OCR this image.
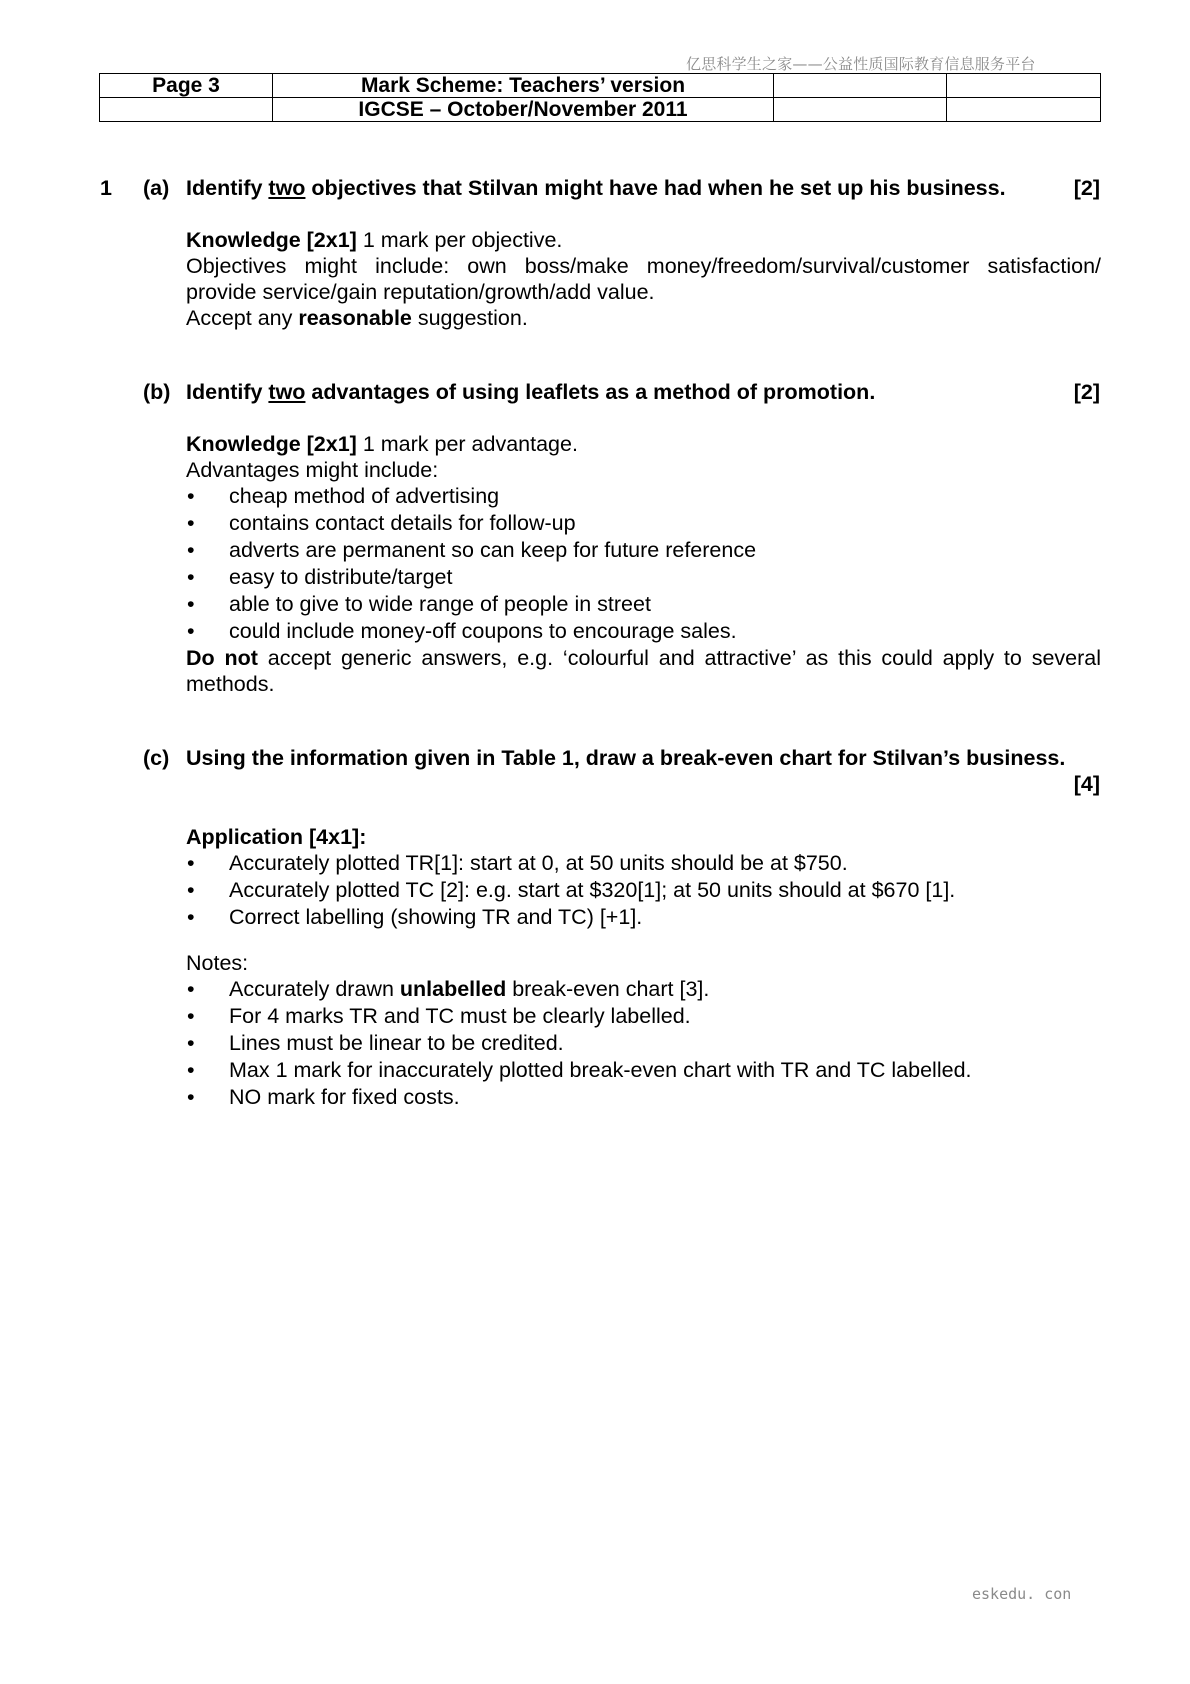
亿思科学生之家——公益性质国际教育信息服务平台
Page 3	Mark Scheme: Teachers’ version		
	IGCSE – October/November 2011		
1 (a) Identify two objectives that Stilvan might have had when he set up his business.	[2]

Knowledge [2x1] 1 mark per objective.

Objectives might include: own boss/make money/freedom/survival/customer satisfaction/ provide service/gain reputation/growth/add value.

Accept any reasonable suggestion.

(b) Identify two advantages of using leaflets as a method of promotion.	[2]

Knowledge [2x1] 1 mark per advantage.

Advantages might include:

• cheap method of advertising
• contains contact details for follow-up
• adverts are permanent so can keep for future reference
• easy to distribute/target
• able to give to wide range of people in street
• could include money-off coupons to encourage sales.

Do not accept generic answers, e.g. ‘colourful and attractive’ as this could apply to several methods.

(c) Using the information given in Table 1, draw a break-even chart for Stilvan’s business.
[4]

Application [4x1]:

• Accurately plotted TR[1]: start at 0, at 50 units should be at $750.
• Accurately plotted TC [2]: e.g. start at $320[1]; at 50 units should at $670 [1].
• Correct labelling (showing TR and TC) [+1].

Notes:

• Accurately drawn unlabelled break-even chart [3].
• For 4 marks TR and TC must be clearly labelled.
• Lines must be linear to be credited.
• Max 1 mark for inaccurately plotted break-even chart with TR and TC labelled.
• NO mark for fixed costs.
eskedu. con
